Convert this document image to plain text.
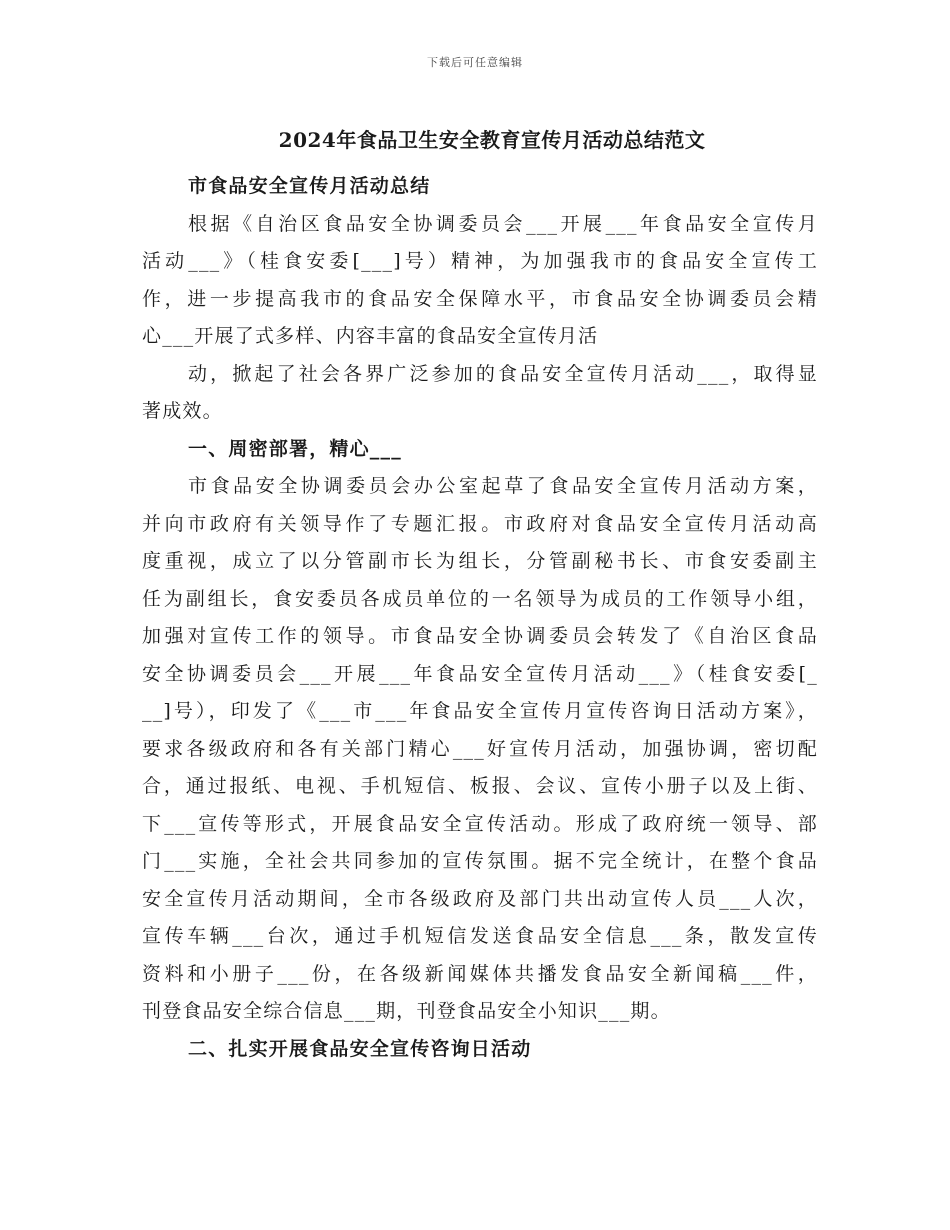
下载后可任意编辑
2024年食品卫生安全教育宣传月活动总结范文
市食品安全宣传月活动总结
根据《自治区食品安全协调委员会___开展___年食品安全宣传月
活动___》（桂食安委[___]号）精神，为加强我市的食品安全宣传工
作，进一步提高我市的食品安全保障水平，市食品安全协调委员会精
心___开展了式多样、内容丰富的食品安全宣传月活
动，掀起了社会各界广泛参加的食品安全宣传月活动___，取得显
著成效。
一、周密部署，精心___
市食品安全协调委员会办公室起草了食品安全宣传月活动方案，
并向市政府有关领导作了专题汇报。市政府对食品安全宣传月活动高
度重视，成立了以分管副市长为组长，分管副秘书长、市食安委副主
任为副组长，食安委员各成员单位的一名领导为成员的工作领导小组，
加强对宣传工作的领导。市食品安全协调委员会转发了《自治区食品
安全协调委员会___开展___年食品安全宣传月活动___》（桂食安委[_
__]号），印发了《___市___年食品安全宣传月宣传咨询日活动方案》，
要求各级政府和各有关部门精心___好宣传月活动，加强协调，密切配
合，通过报纸、电视、手机短信、板报、会议、宣传小册子以及上街、
下___宣传等形式，开展食品安全宣传活动。形成了政府统一领导、部
门___实施，全社会共同参加的宣传氛围。据不完全统计，在整个食品
安全宣传月活动期间，全市各级政府及部门共出动宣传人员___人次，
宣传车辆___台次，通过手机短信发送食品安全信息___条，散发宣传
资料和小册子___份，在各级新闻媒体共播发食品安全新闻稿___件，
刊登食品安全综合信息___期，刊登食品安全小知识___期。
二、扎实开展食品安全宣传咨询日活动
